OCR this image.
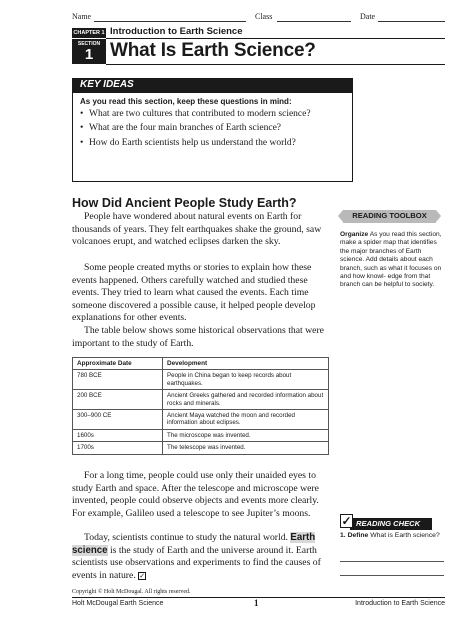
Name	Class	Date
CHAPTER 1 Introduction to Earth Science
SECTION
1 What Is Earth Science?
KEY IDEAS
As you read this section, keep these questions in mind:
• What are two cultures that contributed to modern science?
• What are the four main branches of Earth science?
• How do Earth scientists help us understand the world?
How Did Ancient People Study Earth?

People have wondered about natural events on Earth for thousands of years. They felt earthquakes shake the ground, saw volcanoes erupt, and watched eclipses darken the sky.

Some people created myths or stories to explain how these events happened. Others carefully watched and studied these events. They tried to learn what caused the events. Each time someone discovered a possible cause, it helped people develop explanations for other events.

The table below shows some historical observations that were important to the study of Earth.

Approximate Date	Development
780 BCE	People in China began to keep records about earthquakes.
200 BCE	Ancient Greeks gathered and recorded information about rocks and minerals.
300–900 CE	Ancient Maya watched the moon and recorded information about eclipses.
1600s	The microscope was invented.
1700s	The telescope was invented.

For a long time, people could use only their unaided eyes to study Earth and space. After the telescope and microscope were invented, people could observe objects and events more clearly. For example, Galileo used a telescope to see Jupiter’s moons.

Today, scientists continue to study the natural world. Earth science is the study of Earth and the universe around it. Earth scientists use observations and experiments to find the causes of events in nature. ✓

READING TOOLBOX

Organize As you read this section, make a spider map that identifies the major branches of Earth science. Add details about each branch, such as what it focuses on and how knowl- edge from that branch can be helpful to society.

✓ READING CHECK

1. Define What is Earth science?

Copyright © Holt McDougal. All rights reserved.
Holt McDougal Earth Science	1	Introduction to Earth Science
